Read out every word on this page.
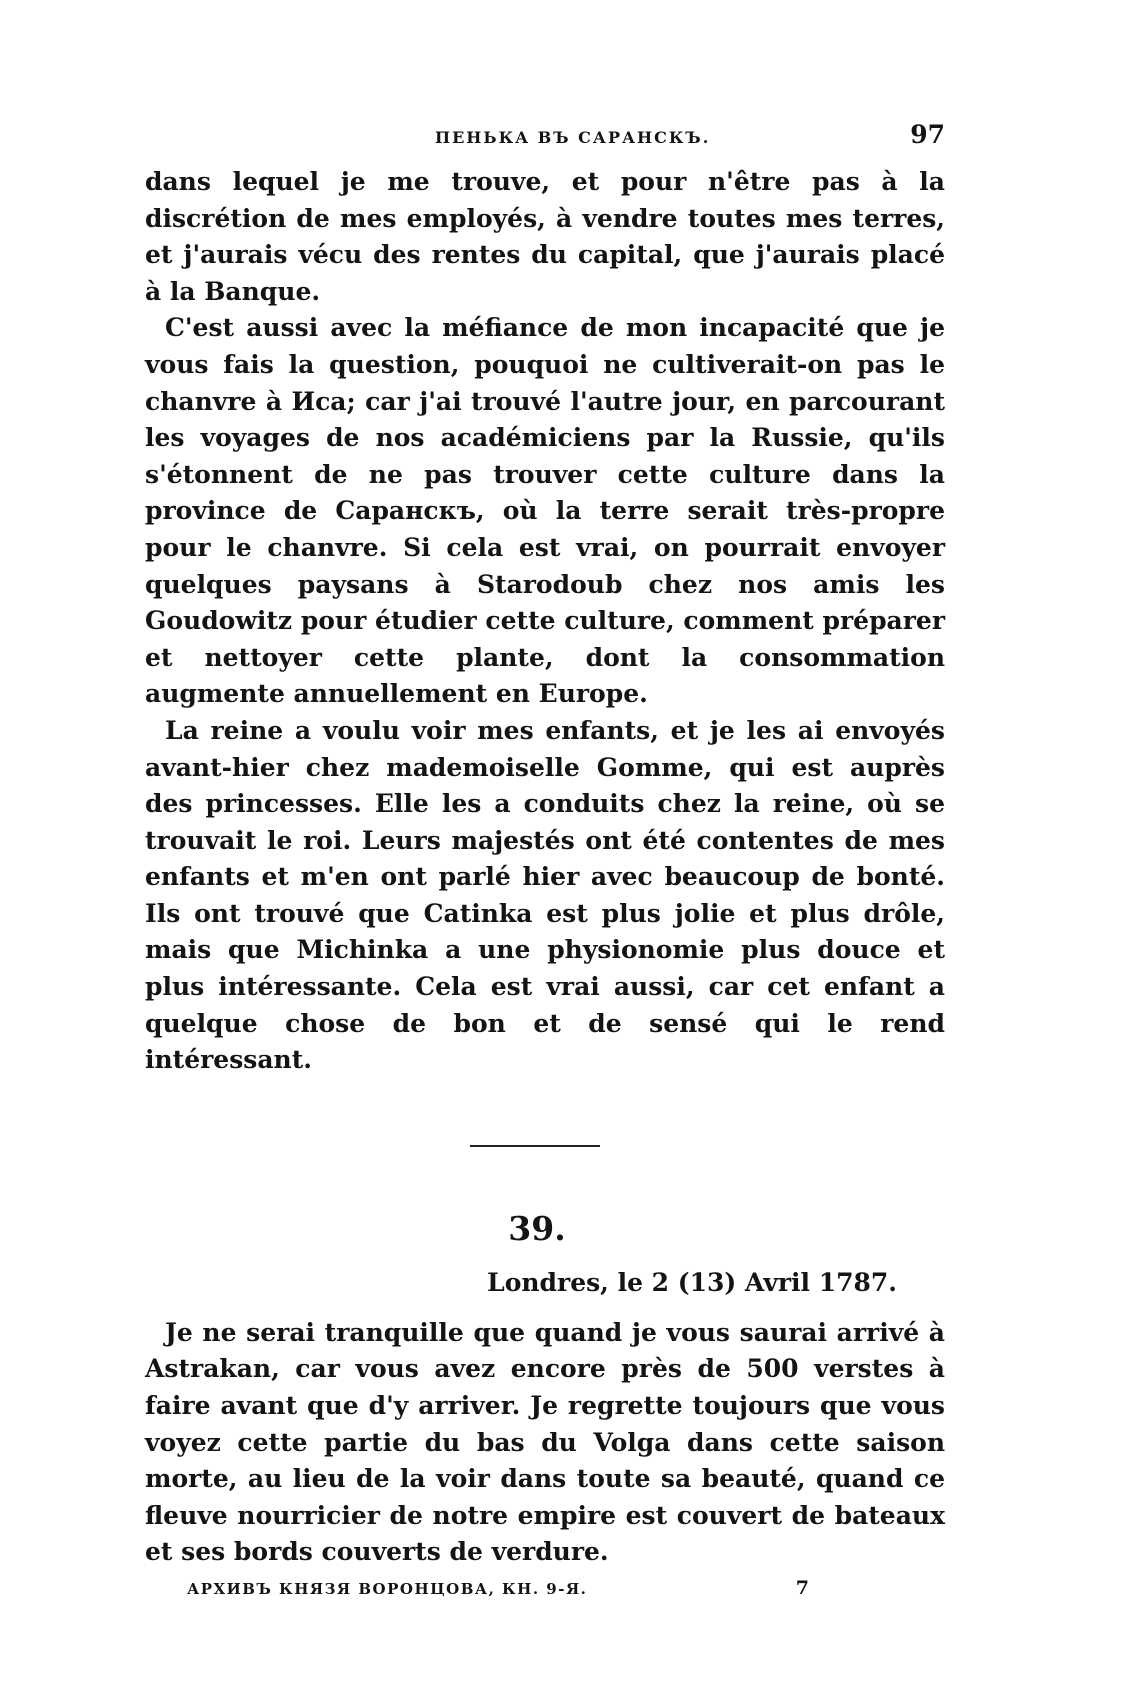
ПЕНЬКА ВЪ САРАНСКЪ.	97

dans lequel je me trouve, et pour n'être pas à la discrétion de mes employés, à vendre toutes mes terres, et j'aurais vécu des rentes du capital, que j'aurais placé à la Banque.

C'est aussi avec la méfiance de mon incapacité que je vous fais la question, pouquoi ne cultiverait-on pas le chanvre à Иса; car j'ai trouvé l'autre jour, en parcourant les voyages de nos académiciens par la Russie, qu'ils s'étonnent de ne pas trouver cette culture dans la province de Саранскъ, où la terre serait très-propre pour le chanvre. Si cela est vrai, on pourrait envoyer quelques paysans à Starodoub chez nos amis les Goudowitz pour étudier cette culture, comment préparer et nettoyer cette plante, dont la consommation augmente annuellement en Europe.

La reine a voulu voir mes enfants, et je les ai envoyés avant-hier chez mademoiselle Gomme, qui est auprès des princesses. Elle les a conduits chez la reine, où se trouvait le roi. Leurs majestés ont été contentes de mes enfants et m'en ont parlé hier avec beaucoup de bonté. Ils ont trouvé que Catinka est plus jolie et plus drôle, mais que Michinka a une physionomie plus douce et plus intéressante. Cela est vrai aussi, car cet enfant a quelque chose de bon et de sensé qui le rend intéressant.

39.

Londres, le 2 (13) Avril 1787.

Je ne serai tranquille que quand je vous saurai arrivé à Astrakan, car vous avez encore près de 500 verstes à faire avant que d'y arriver. Je regrette toujours que vous voyez cette partie du bas du Volga dans cette saison morte, au lieu de la voir dans toute sa beauté, quand ce fleuve nourricier de notre empire est couvert de bateaux et ses bords couverts de verdure.

АРХИВЪ КНЯЗЯ ВОРОНЦОВА, КН. 9-Я.	7
